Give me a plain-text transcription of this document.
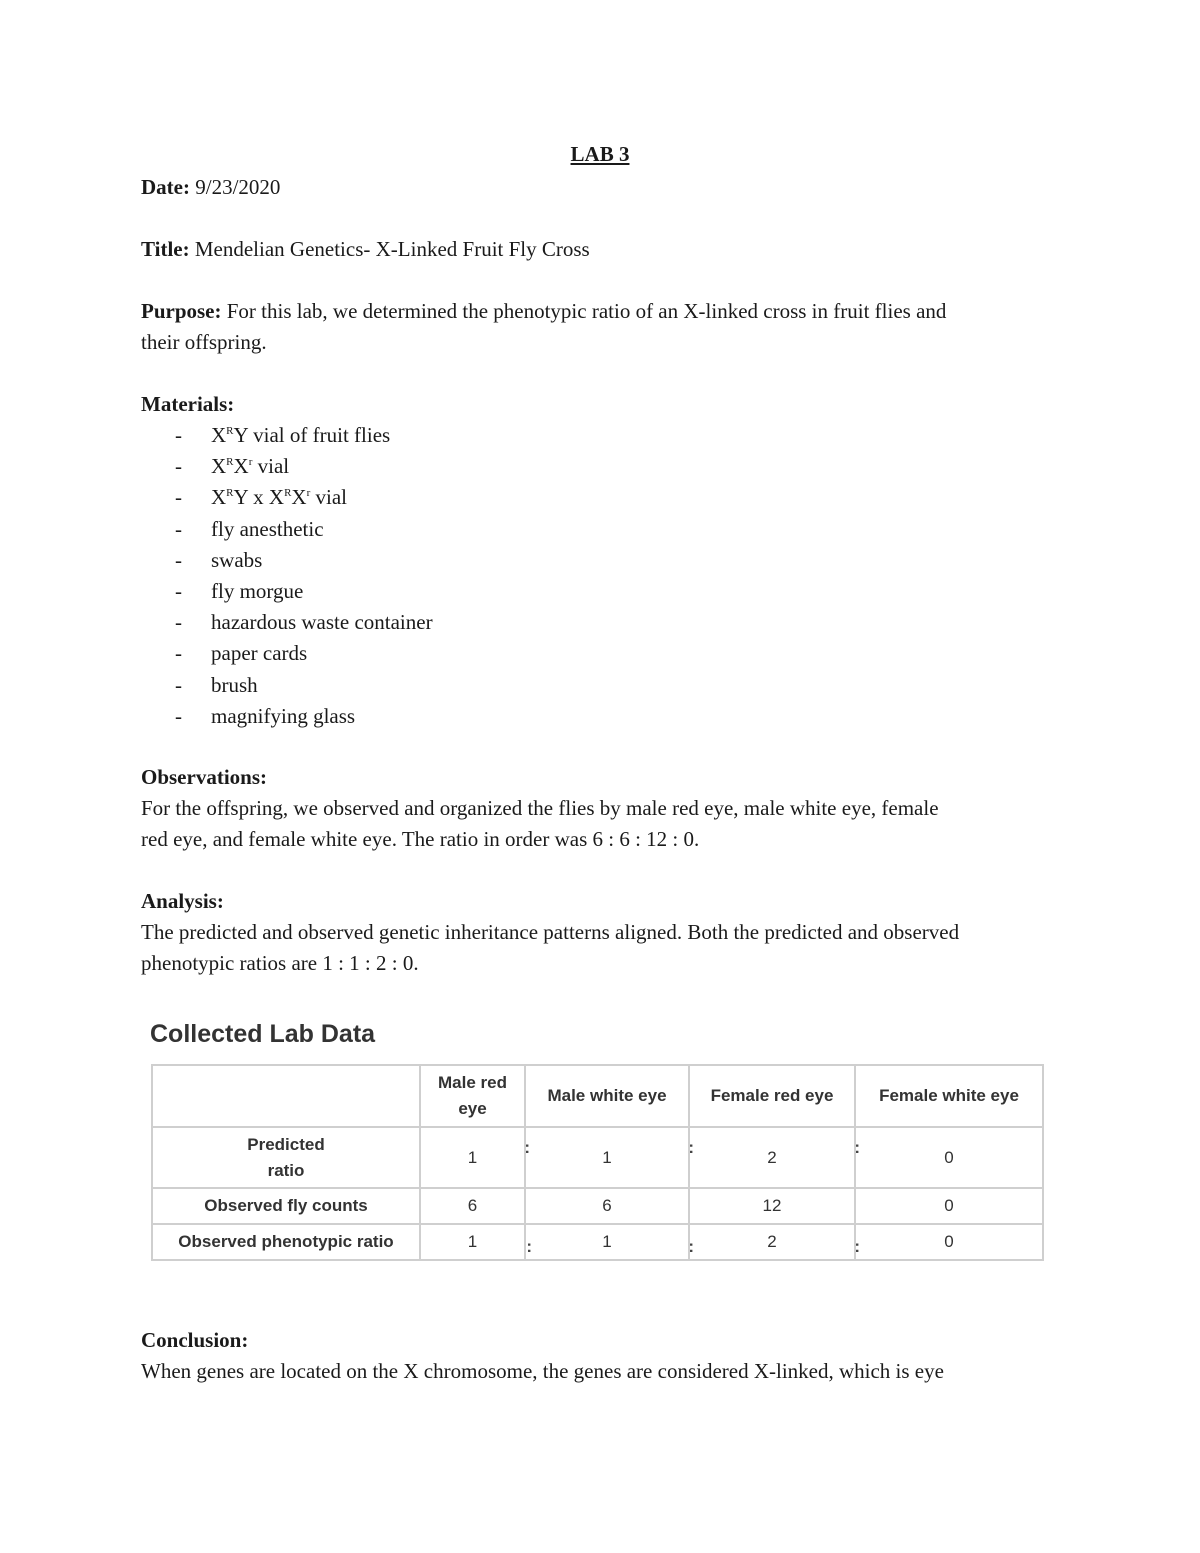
LAB 3
Date: 9/23/2020
Title: Mendelian Genetics- X-Linked Fruit Fly Cross
Purpose: For this lab, we determined the phenotypic ratio of an X-linked cross in fruit flies and
their offspring.
Materials:
- $X^RY$ vial of fruit flies
- $X^RX^r$ vial
- $X^RY$ x $X^RX^r$ vial
- fly anesthetic
- swabs
- fly morgue
- hazardous waste container
- paper cards
- brush
- magnifying glass
Observations:
For the offspring, we observed and organized the flies by male red eye, male white eye, female
red eye, and female white eye. The ratio in order was 6 : 6 : 12 : 0.
Analysis:
The predicted and observed genetic inheritance patterns aligned. Both the predicted and observed
phenotypic ratios are 1 : 1 : 2 : 0.
Collected Lab Data
	Male red
eye	Male white eye	Female red eye	Female white eye
Predicted
ratio	1 :	1 :	2 :	0
Observed fly counts	6	6	12	0
Observed phenotypic ratio	1 :	1 :	2 :	0
Conclusion:
When genes are located on the X chromosome, the genes are considered X-linked, which is eye
